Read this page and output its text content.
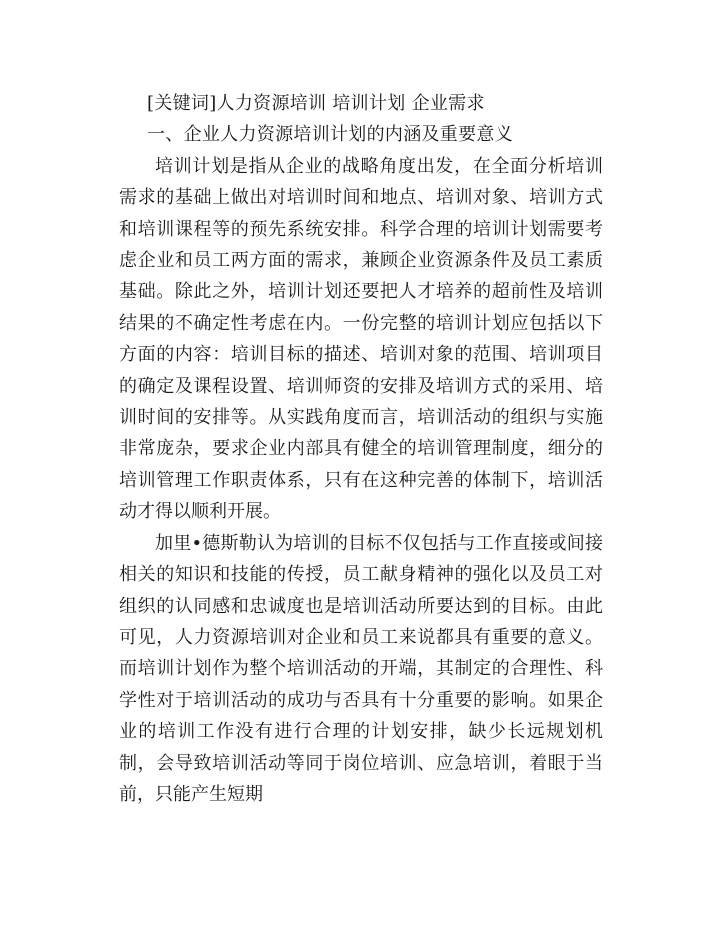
[关键词]人力资源培训 培训计划 企业需求

一、企业人力资源培训计划的内涵及重要意义

培训计划是指从企业的战略角度出发，在全面分析培训需求的基础上做出对培训时间和地点、培训对象、培训方式和培训课程等的预先系统安排。科学合理的培训计划需要考虑企业和员工两方面的需求，兼顾企业资源条件及员工素质基础。除此之外，培训计划还要把人才培养的超前性及培训结果的不确定性考虑在内。一份完整的培训计划应包括以下方面的内容：培训目标的描述、培训对象的范围、培训项目的确定及课程设置、培训师资的安排及培训方式的采用、培训时间的安排等。从实践角度而言，培训活动的组织与实施非常庞杂，要求企业内部具有健全的培训管理制度，细分的培训管理工作职责体系，只有在这种完善的体制下，培训活动才得以顺利开展。

加里•德斯勒认为培训的目标不仅包括与工作直接或间接相关的知识和技能的传授，员工献身精神的强化以及员工对组织的认同感和忠诚度也是培训活动所要达到的目标。由此可见，人力资源培训对企业和员工来说都具有重要的意义。而培训计划作为整个培训活动的开端，其制定的合理性、科学性对于培训活动的成功与否具有十分重要的影响。如果企业的培训工作没有进行合理的计划安排，缺少长远规划机制，会导致培训活动等同于岗位培训、应急培训，着眼于当前，只能产生短期
